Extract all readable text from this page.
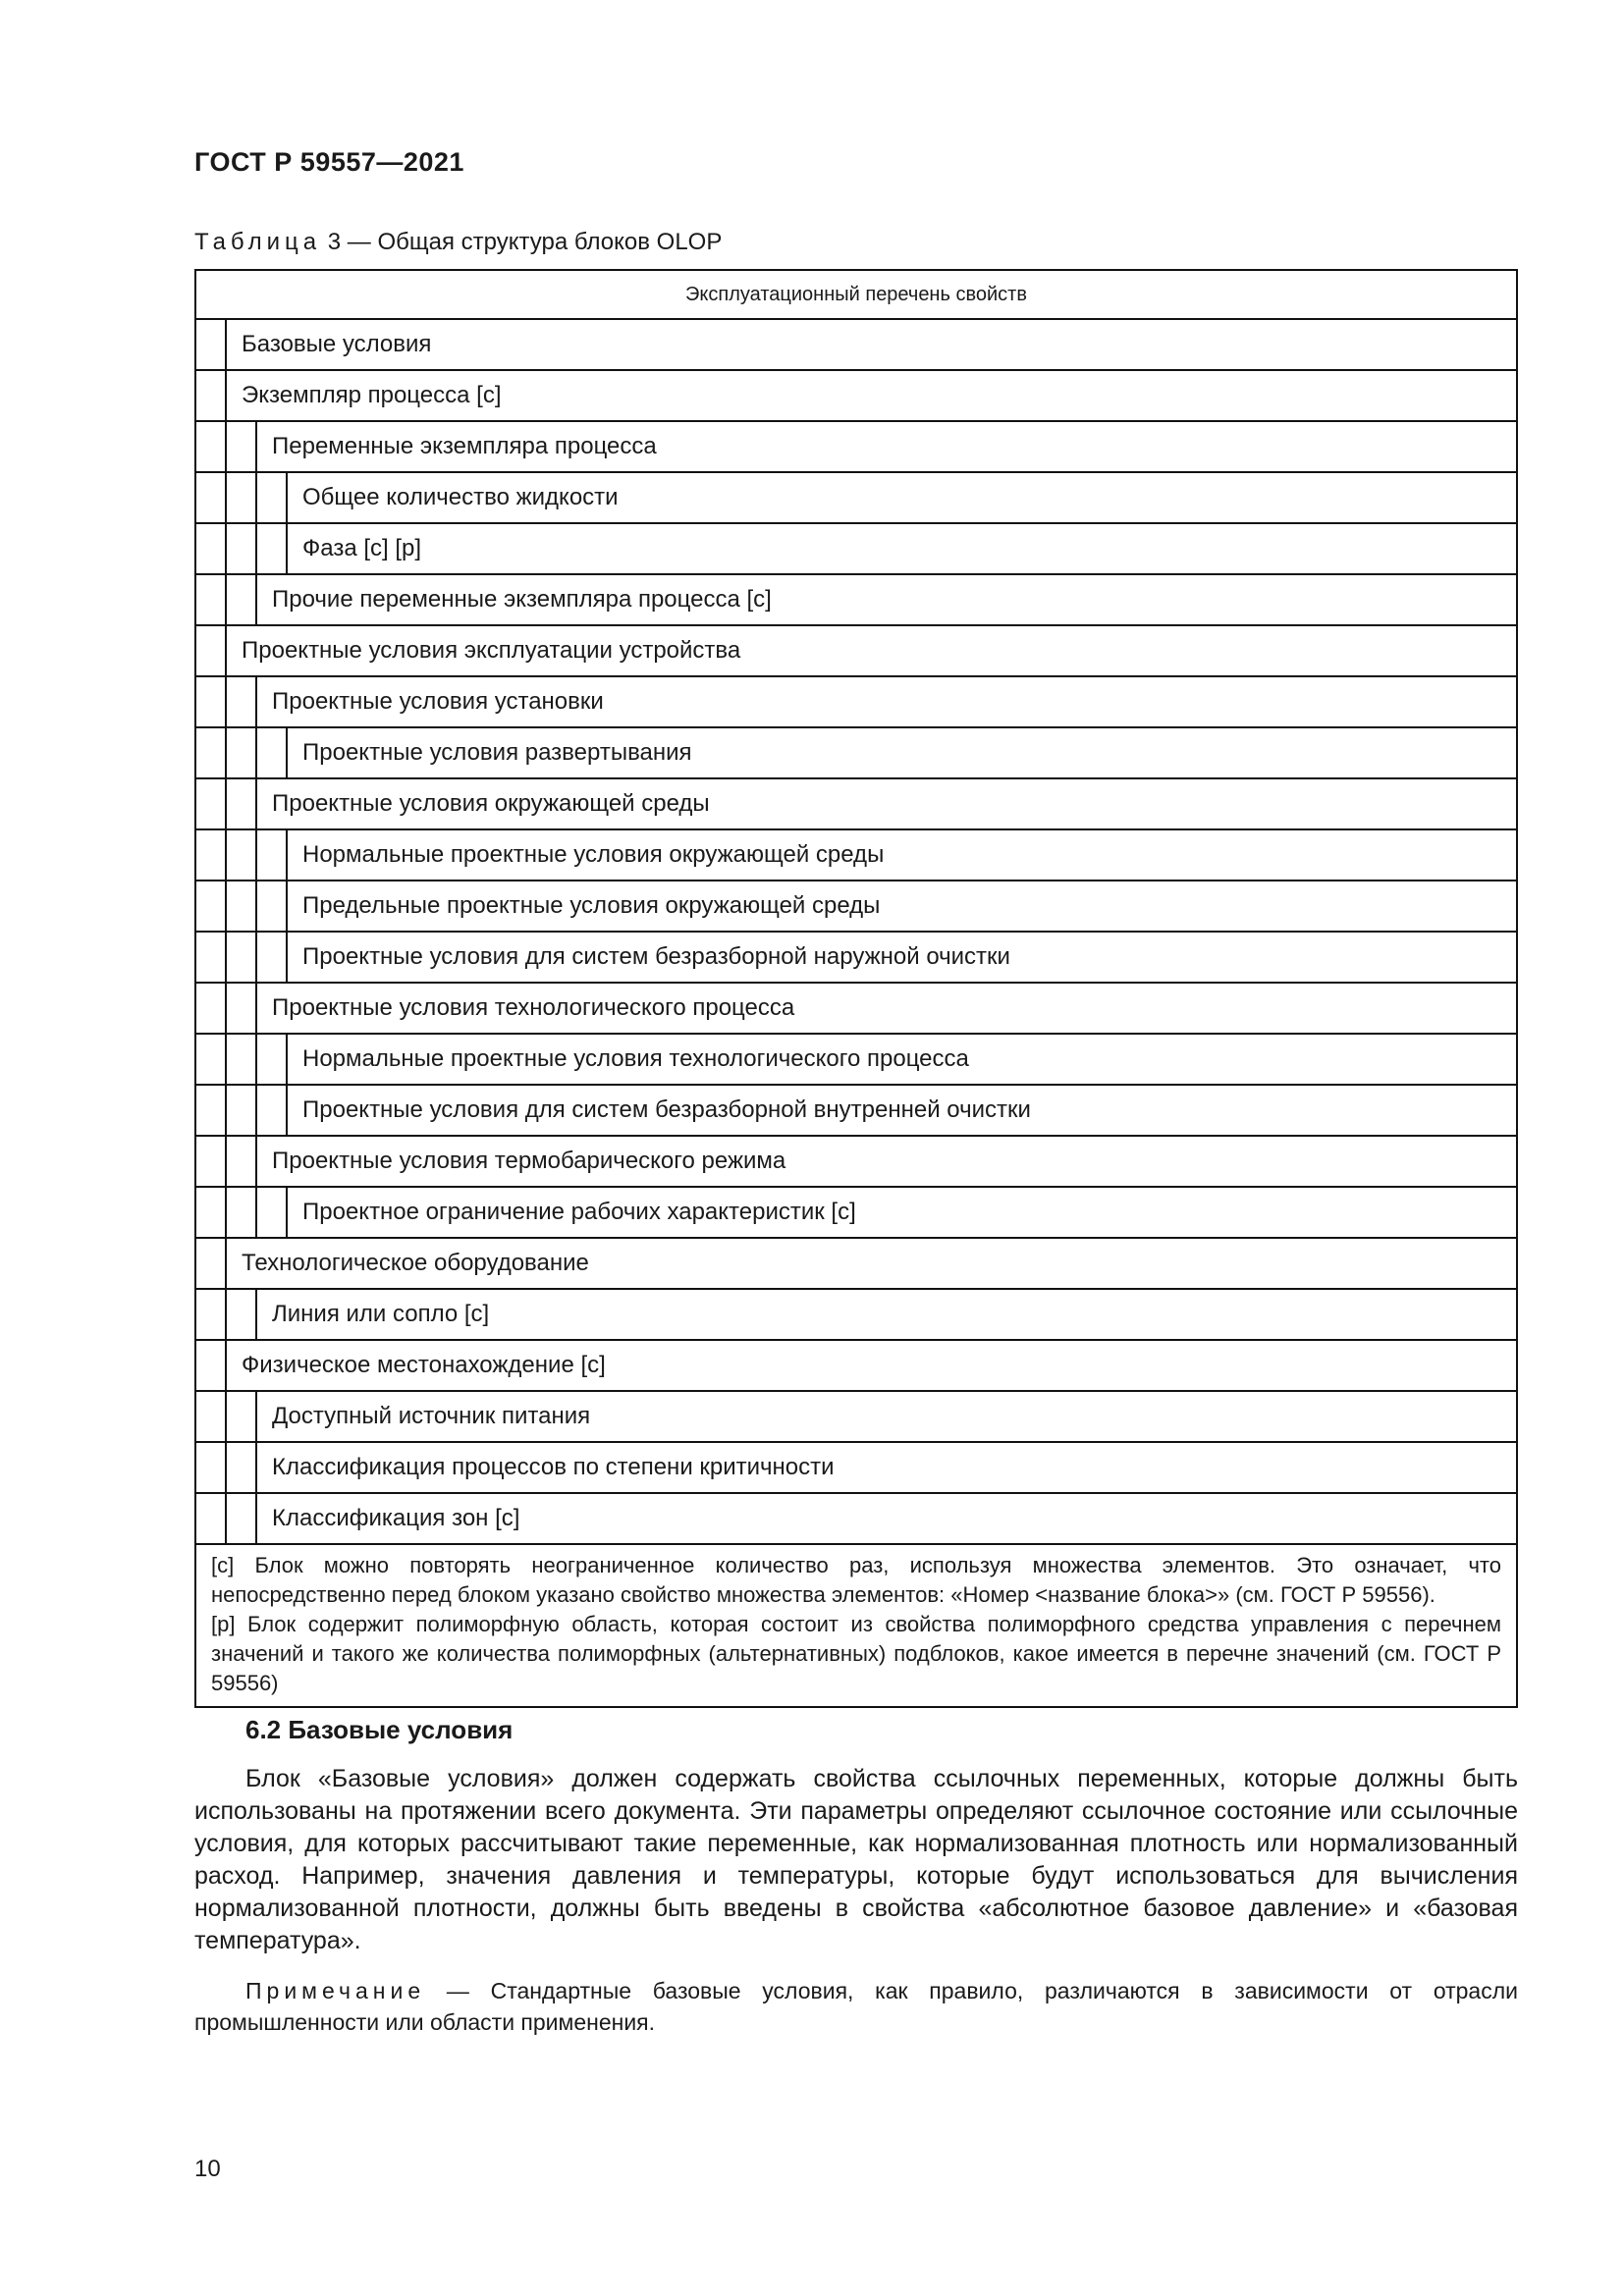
ГОСТ Р 59557—2021
Таблица 3 — Общая структура блоков OLOP
Эксплуатационный перечень свойств
Базовые условия
Экземпляр процесса [с]
Переменные экземпляра процесса
Общее количество жидкости
Фаза [с] [р]
Прочие переменные экземпляра процесса [с]
Проектные условия эксплуатации устройства
Проектные условия установки
Проектные условия развертывания
Проектные условия окружающей среды
Нормальные проектные условия окружающей среды
Предельные проектные условия окружающей среды
Проектные условия для систем безразборной наружной очистки
Проектные условия технологического процесса
Нормальные проектные условия технологического процесса
Проектные условия для систем безразборной внутренней очистки
Проектные условия термобарического режима
Проектное ограничение рабочих характеристик [с]
Технологическое оборудование
Линия или сопло [с]
Физическое местонахождение [с]
Доступный источник питания
Классификация процессов по степени критичности
Классификация зон [с]

[с] Блок можно повторять неограниченное количество раз, используя множества элементов. Это означает, что непосредственно перед блоком указано свойство множества элементов: «Номер <название блока>» (см. ГОСТ Р 59556).

[р] Блок содержит полиморфную область, которая состоит из свойства полиморфного средства управления с перечнем значений и такого же количества полиморфных (альтернативных) подблоков, какое имеется в перечне значений (см. ГОСТ Р 59556)

6.2 Базовые условия

Блок «Базовые условия» должен содержать свойства ссылочных переменных, которые должны быть использованы на протяжении всего документа. Эти параметры определяют ссылочное состояние или ссылочные условия, для которых рассчитывают такие переменные, как нормализованная плотность или нормализованный расход. Например, значения давления и температуры, которые будут использоваться для вычисления нормализованной плотности, должны быть введены в свойства «абсолютное базовое давление» и «базовая температура».

Примечание — Стандартные базовые условия, как правило, различаются в зависимости от отрасли промышленности или области применения.

10
